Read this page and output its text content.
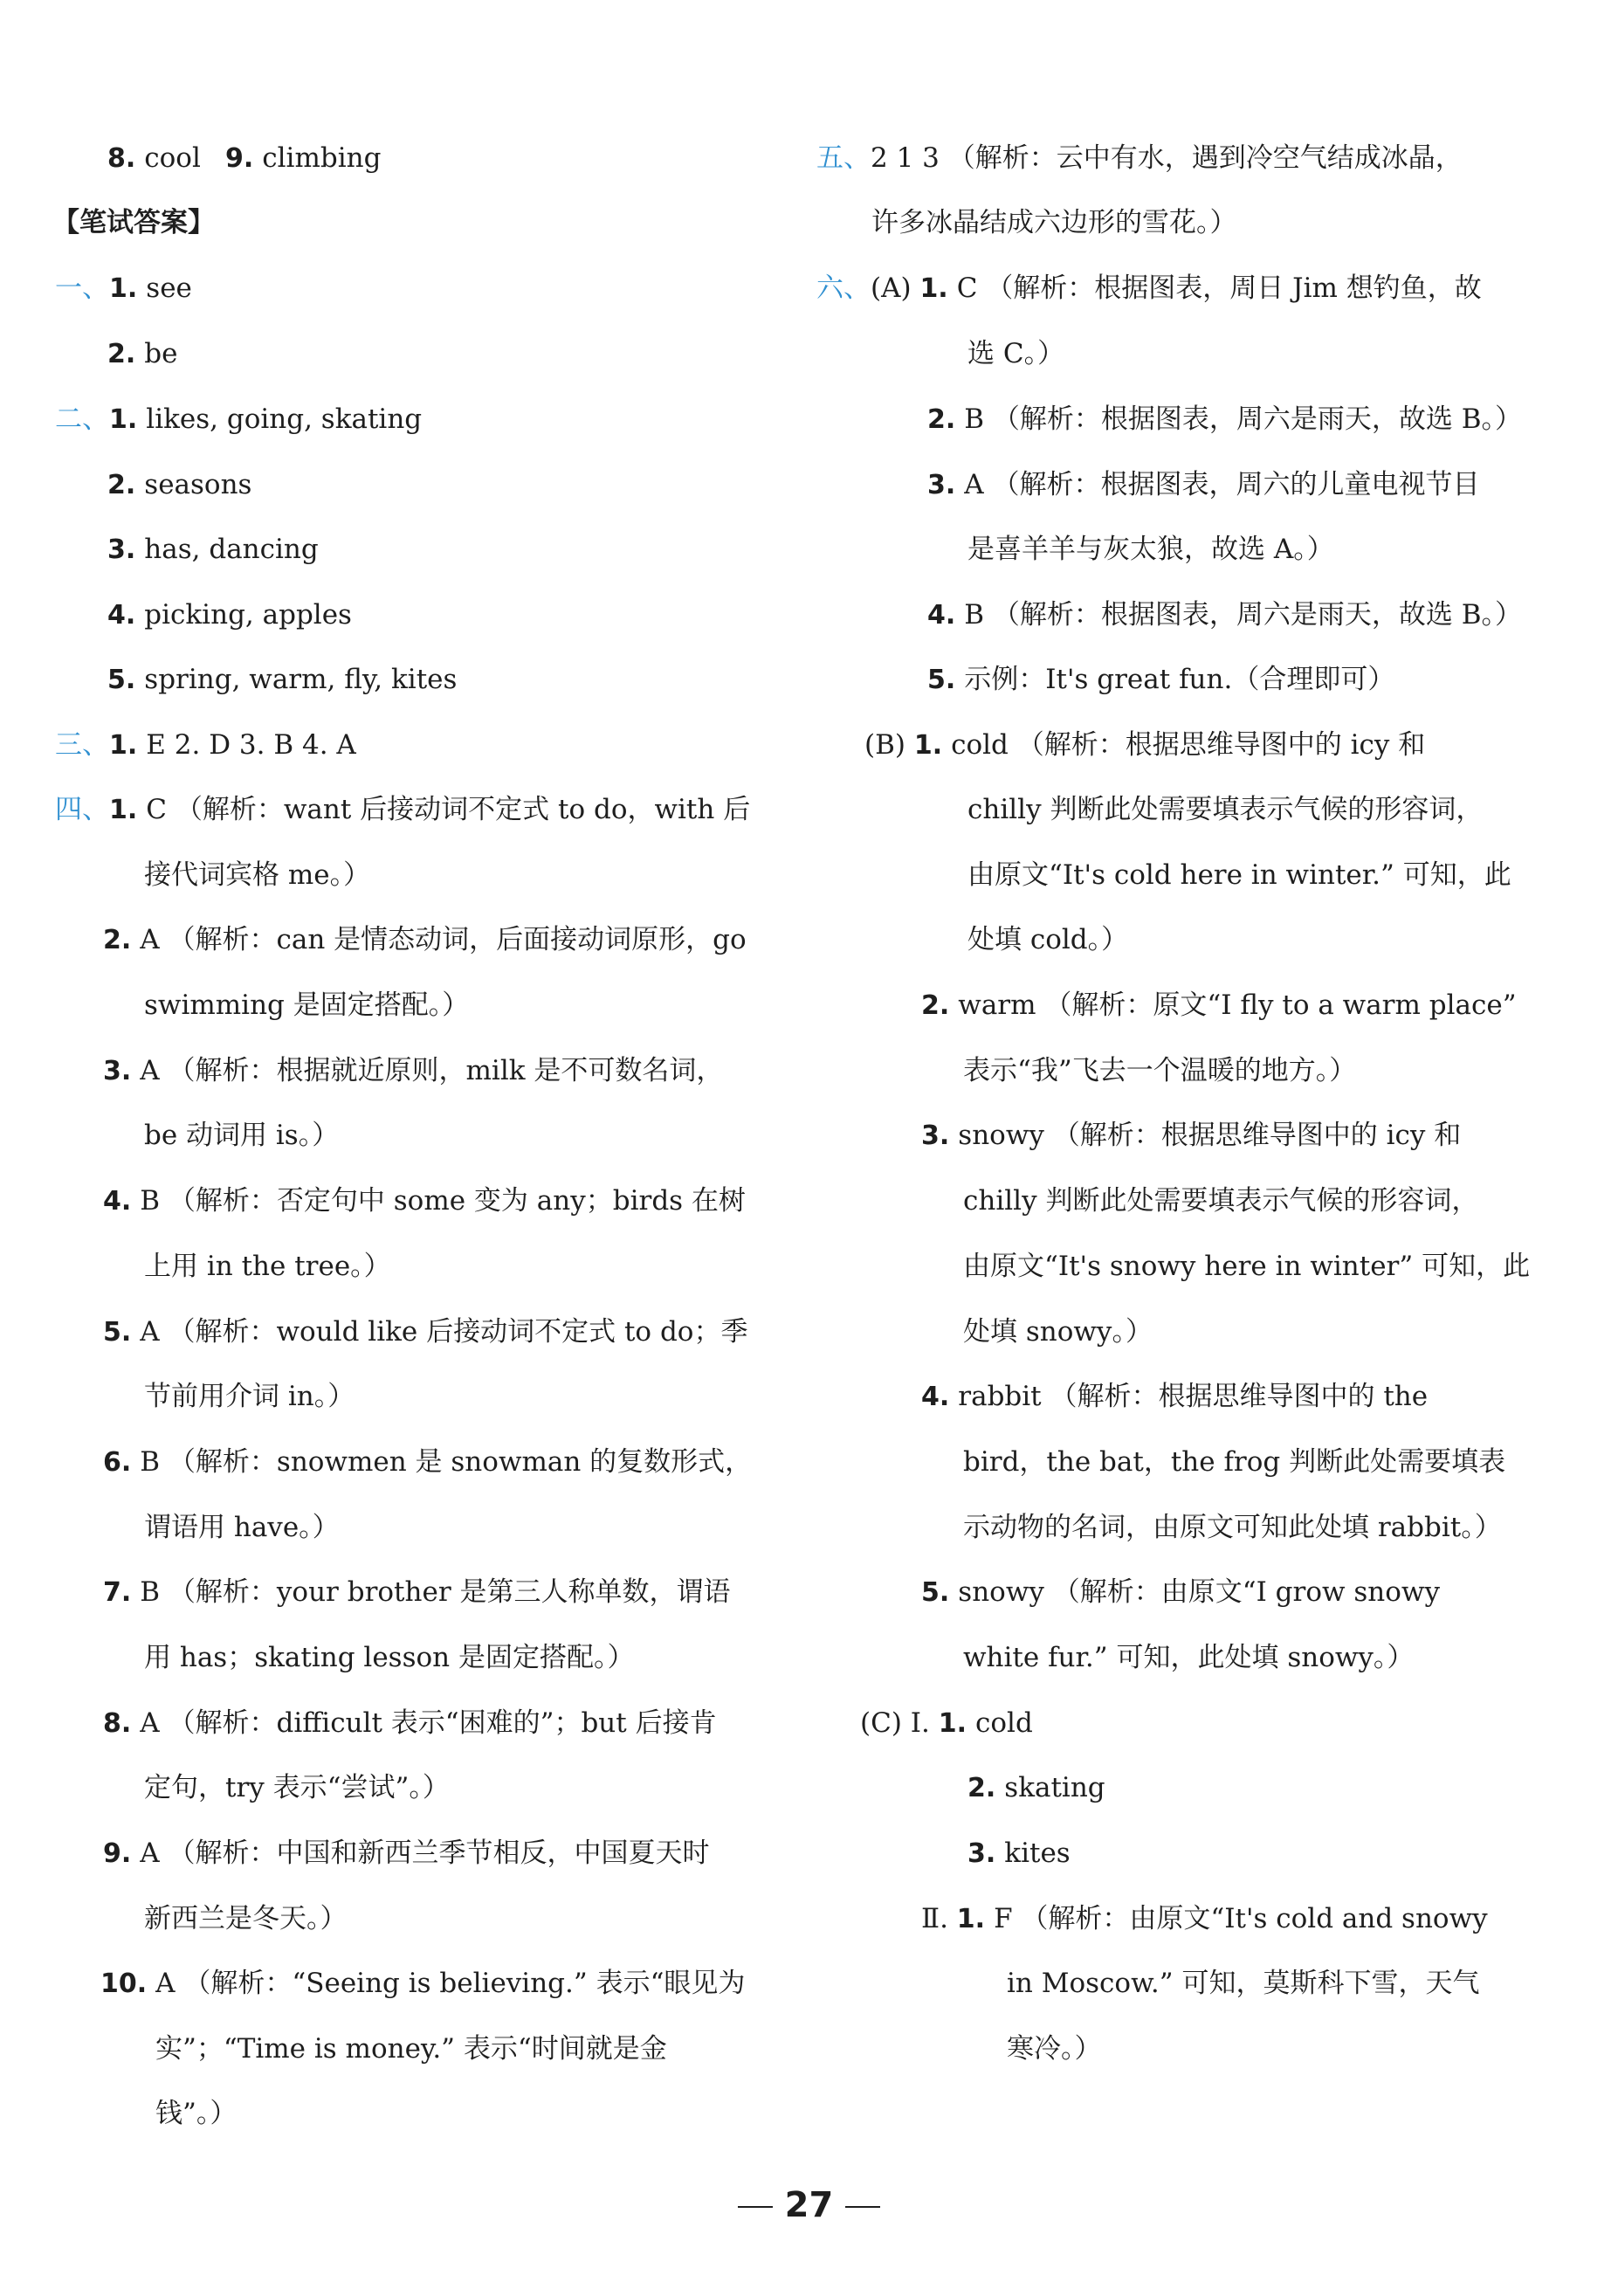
8. cool 9. climbing
【笔试答案】
一、1. see
2. be
二、1. likes, going, skating
2. seasons
3. has, dancing
4. picking, apples
5. spring, warm, fly, kites
三、1. E 2. D 3. B 4. A
四、1. C （解析：want 后接动词不定式 to do，with 后
接代词宾格 me。）
2. A （解析：can 是情态动词，后面接动词原形，go
swimming 是固定搭配。）
3. A （解析：根据就近原则，milk 是不可数名词，
be 动词用 is。）
4. B （解析：否定句中 some 变为 any；birds 在树
上用 in the tree。）
5. A （解析：would like 后接动词不定式 to do；季
节前用介词 in。）
6. B （解析：snowmen 是 snowman 的复数形式，
谓语用 have。）
7. B （解析：your brother 是第三人称单数，谓语
用 has；skating lesson 是固定搭配。）
8. A （解析：difficult 表示“困难的”；but 后接肯
定句，try 表示“尝试”。）
9. A （解析：中国和新西兰季节相反，中国夏天时
新西兰是冬天。）
10. A （解析：“Seeing is believing.” 表示“眼见为
实”；“Time is money.” 表示“时间就是金
钱”。）
五、2 1 3 （解析：云中有水，遇到冷空气结成冰晶，
许多冰晶结成六边形的雪花。）
六、(A) 1. C （解析：根据图表，周日 Jim 想钓鱼，故
选 C。）
2. B （解析：根据图表，周六是雨天，故选 B。）
3. A （解析：根据图表，周六的儿童电视节目
是喜羊羊与灰太狼，故选 A。）
4. B （解析：根据图表，周六是雨天，故选 B。）
5. 示例：It's great fun.（合理即可）
(B) 1. cold （解析：根据思维导图中的 icy 和
chilly 判断此处需要填表示气候的形容词，
由原文“It's cold here in winter.” 可知，此
处填 cold。）
2. warm （解析：原文“I fly to a warm place”
表示“我”飞去一个温暖的地方。）
3. snowy （解析：根据思维导图中的 icy 和
chilly 判断此处需要填表示气候的形容词，
由原文“It's snowy here in winter” 可知，此
处填 snowy。）
4. rabbit （解析：根据思维导图中的 the
bird，the bat，the frog 判断此处需要填表
示动物的名词，由原文可知此处填 rabbit。）
5. snowy （解析：由原文“I grow snowy
white fur.” 可知，此处填 snowy。）
(C) Ⅰ. 1. cold
2. skating
3. kites
Ⅱ. 1. F （解析：由原文“It's cold and snowy
in Moscow.” 可知，莫斯科下雪，天气
寒冷。）
27
